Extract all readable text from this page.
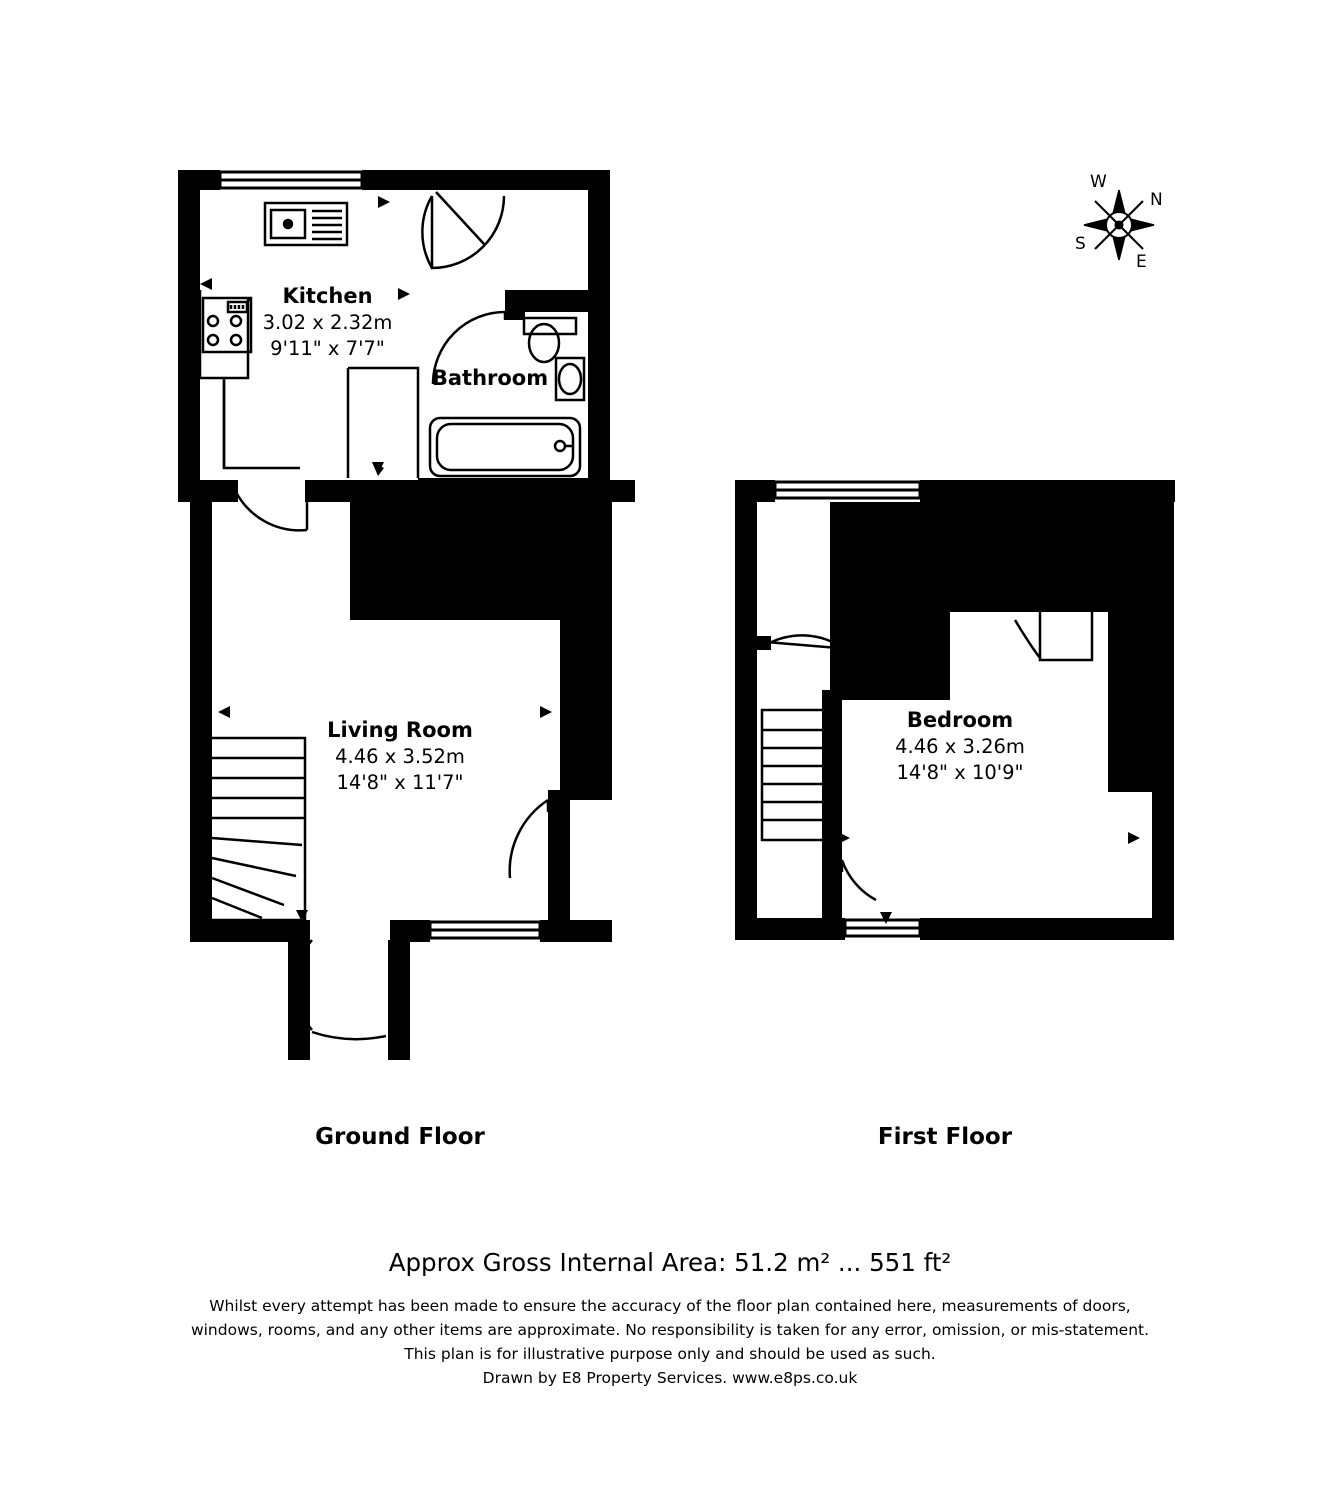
Kitchen
3.02 x 2.32m
9'11" x 7'7"
Bathroom
Living Room
4.46 x 3.52m
14'8" x 11'7"
Bedroom
4.46 x 3.26m
14'8" x 10'9"
Ground Floor	First Floor
Approx Gross Internal Area: 51.2 m² ... 551 ft²
Whilst every attempt has been made to ensure the accuracy of the floor plan contained here, measurements of doors,
windows, rooms, and any other items are approximate. No responsibility is taken for any error, omission, or mis-statement.
This plan is for illustrative purpose only and should be used as such.
Drawn by E8 Property Services. www.e8ps.co.uk
W
N
S
E
